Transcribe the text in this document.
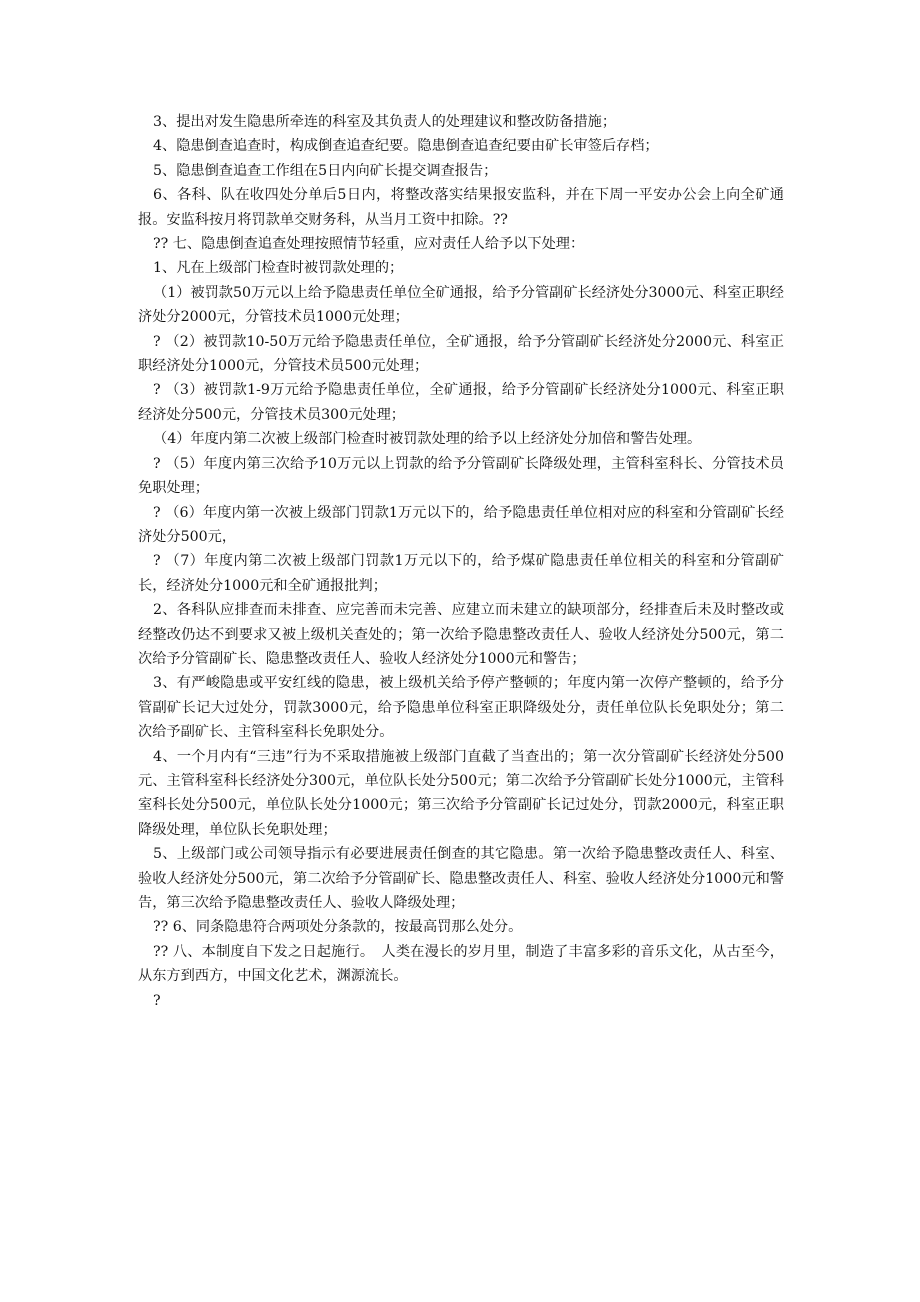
3、提出对发生隐患所牵连的科室及其负责人的处理建议和整改防备措施；

4、隐患倒查追查时，构成倒查追查纪要。隐患倒查追查纪要由矿长审签后存档；

5、隐患倒查追查工作组在5日内向矿长提交调查报告；

6、各科、队在收四处分单后5日内，将整改落实结果报安监科，并在下周一平安办公会上向全矿通报。安监科按月将罚款单交财务科，从当月工资中扣除。??

?? 七、隐患倒查追查处理按照情节轻重，应对责任人给予以下处理：

1、凡在上级部门检查时被罚款处理的；

（1）被罚款50万元以上给予隐患责任单位全矿通报，给予分管副矿长经济处分3000元、科室正职经济处分2000元，分管技术员1000元处理；

? （2）被罚款10-50万元给予隐患责任单位，全矿通报，给予分管副矿长经济处分2000元、科室正职经济处分1000元，分管技术员500元处理；

? （3）被罚款1-9万元给予隐患责任单位，全矿通报，给予分管副矿长经济处分1000元、科室正职经济处分500元，分管技术员300元处理；

（4）年度内第二次被上级部门检查时被罚款处理的给予以上经济处分加倍和警告处理。

? （5）年度内第三次给予10万元以上罚款的给予分管副矿长降级处理，主管科室科长、分管技术员免职处理；

? （6）年度内第一次被上级部门罚款1万元以下的，给予隐患责任单位相对应的科室和分管副矿长经济处分500元，

? （7）年度内第二次被上级部门罚款1万元以下的，给予煤矿隐患责任单位相关的科室和分管副矿长，经济处分1000元和全矿通报批判；

2、各科队应排查而未排查、应完善而未完善、应建立而未建立的缺项部分，经排查后未及时整改或经整改仍达不到要求又被上级机关查处的；第一次给予隐患整改责任人、验收人经济处分500元，第二次给予分管副矿长、隐患整改责任人、验收人经济处分1000元和警告；

3、有严峻隐患或平安红线的隐患，被上级机关给予停产整顿的；年度内第一次停产整顿的，给予分管副矿长记大过处分，罚款3000元，给予隐患单位科室正职降级处分，责任单位队长免职处分；第二次给予副矿长、主管科室科长免职处分。

4、一个月内有“三违”行为不采取措施被上级部门直截了当查出的；第一次分管副矿长经济处分500元、主管科室科长经济处分300元，单位队长处分500元；第二次给予分管副矿长处分1000元，主管科室科长处分500元，单位队长处分1000元；第三次给予分管副矿长记过处分，罚款2000元，科室正职降级处理，单位队长免职处理；

5、上级部门或公司领导指示有必要进展责任倒查的其它隐患。第一次给予隐患整改责任人、科室、验收人经济处分500元，第二次给予分管副矿长、隐患整改责任人、科室、验收人经济处分1000元和警告，第三次给予隐患整改责任人、验收人降级处理；

?? 6、同条隐患符合两项处分条款的，按最高罚那么处分。

?? 八、本制度自下发之日起施行。　人类在漫长的岁月里，制造了丰富多彩的音乐文化，从古至今，从东方到西方，中国文化艺术，渊源流长。

?
